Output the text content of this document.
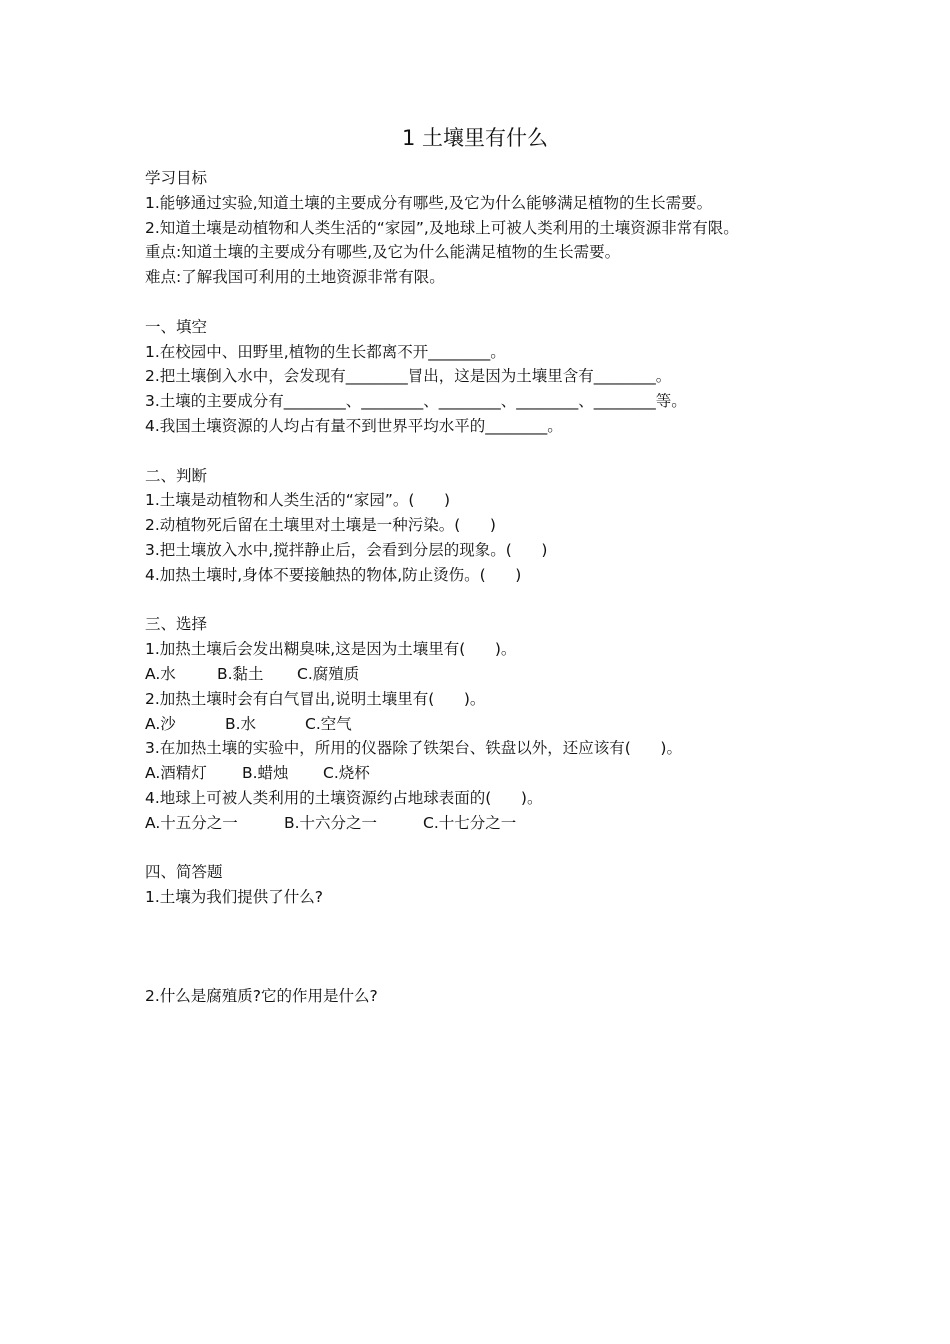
1 土壤里有什么
学习目标
1.能够通过实验,知道土壤的主要成分有哪些,及它为什么能够满足植物的生长需要。
2.知道土壤是动植物和人类生活的“家园”,及地球上可被人类利用的土壤资源非常有限。
重点:知道土壤的主要成分有哪些,及它为什么能满足植物的生长需要。
难点:了解我国可利用的土地资源非常有限。
一、填空
1.在校园中、田野里,植物的生长都离不开________。
2.把土壤倒入水中，会发现有________冒出，这是因为土壤里含有________。
3.土壤的主要成分有________、________、________、________、________等。
4.我国土壤资源的人均占有量不到世界平均水平的________。
二、判断
1.土壤是动植物和人类生活的“家园”。(      )
2.动植物死后留在土壤里对土壤是一种污染。(      )
3.把土壤放入水中,搅拌静止后，会看到分层的现象。(      )
4.加热土壤时,身体不要接触热的物体,防止烫伤。(      )
三、选择
1.加热土壤后会发出糊臭味,这是因为土壤里有(      )。
A.水	B.黏土	C.腐殖质
2.加热土壤时会有白气冒出,说明土壤里有(      )。
A.沙	B.水	C.空气
3.在加热土壤的实验中，所用的仪器除了铁架台、铁盘以外，还应该有(      )。
A.酒精灯	B.蜡烛	C.烧杯
4.地球上可被人类利用的土壤资源约占地球表面的(      )。
A.十五分之一	B.十六分之一	C.十七分之一
四、简答题
1.土壤为我们提供了什么?
2.什么是腐殖质?它的作用是什么?
